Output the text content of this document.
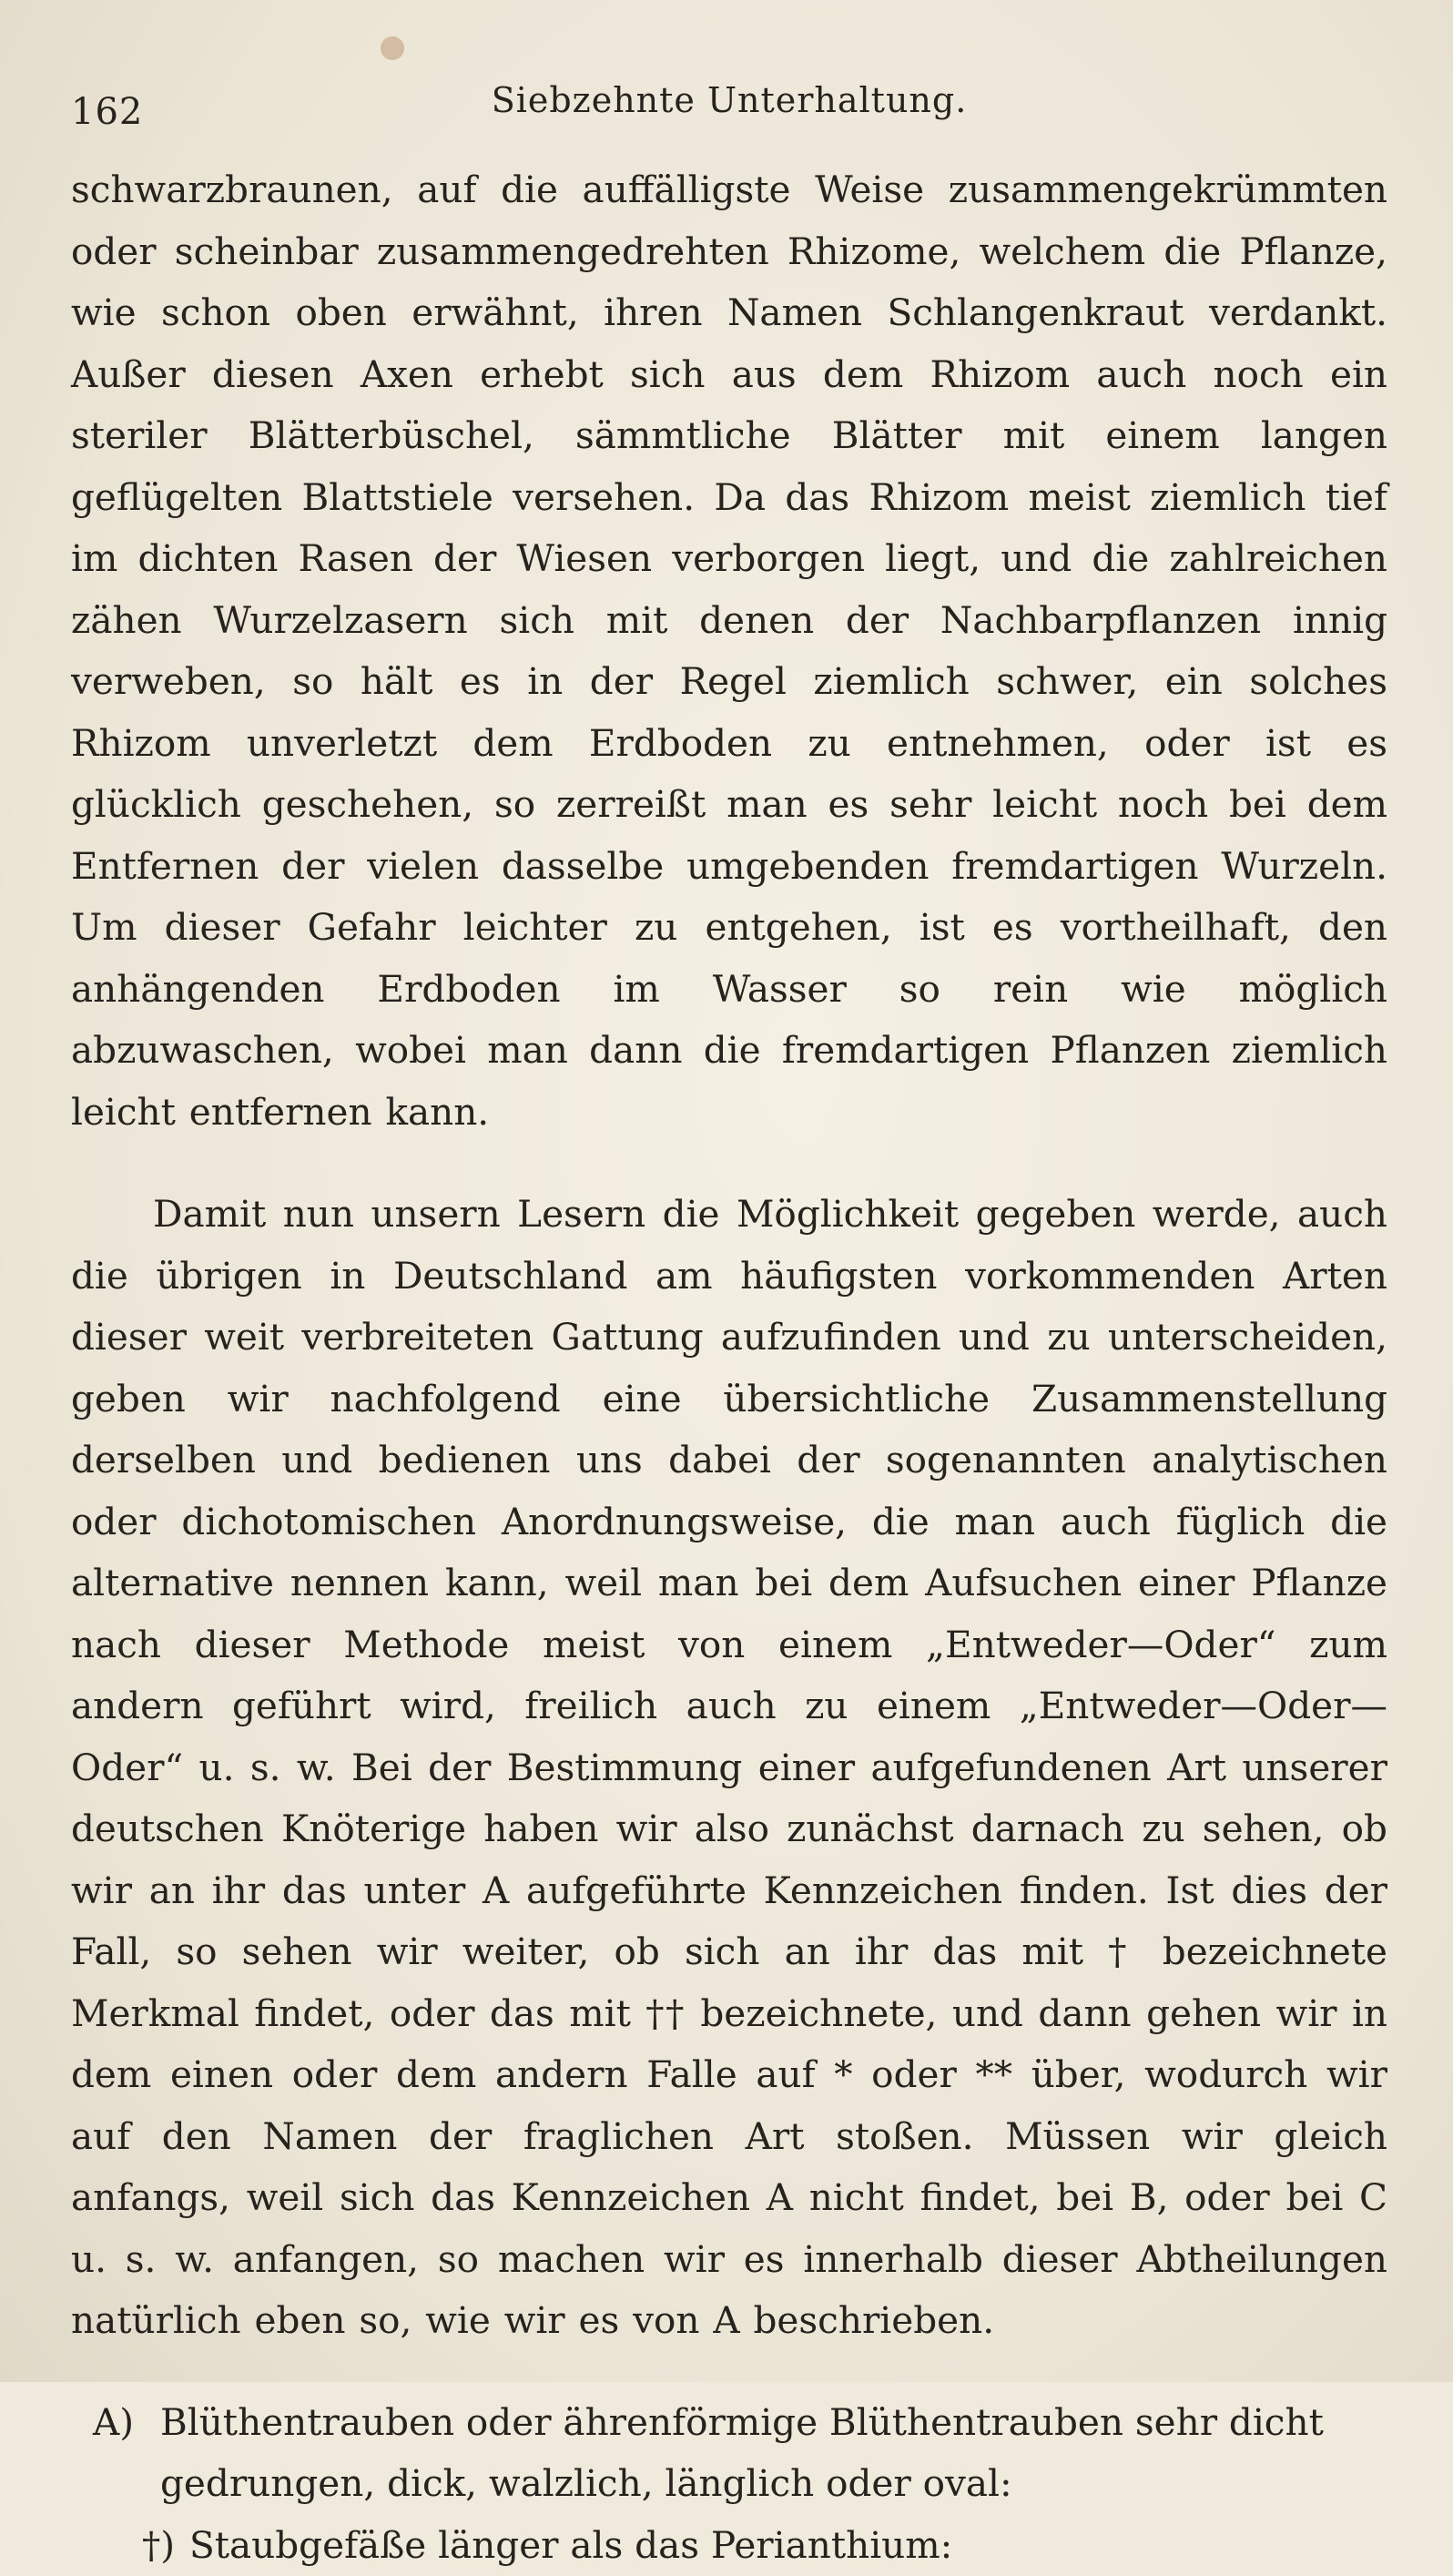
162	Siebzehnte Unterhaltung.

schwarzbraunen, auf die auffälligste Weise zusammengekrümmten oder scheinbar zusammengedrehten Rhizome, welchem die Pflanze, wie schon oben erwähnt, ihren Namen Schlangenkraut verdankt. Außer diesen Axen erhebt sich aus dem Rhizom auch noch ein steriler Blätterbüschel, sämmtliche Blätter mit einem langen geflügelten Blattstiele versehen. Da das Rhizom meist ziemlich tief im dichten Rasen der Wiesen verborgen liegt, und die zahlreichen zähen Wurzelzasern sich mit denen der Nachbarpflanzen innig verweben, so hält es in der Regel ziemlich schwer, ein solches Rhizom unverletzt dem Erdboden zu entnehmen, oder ist es glücklich geschehen, so zerreißt man es sehr leicht noch bei dem Entfernen der vielen dasselbe umgebenden fremdartigen Wurzeln. Um dieser Gefahr leichter zu entgehen, ist es vortheilhaft, den anhängenden Erdboden im Wasser so rein wie möglich abzuwaschen, wobei man dann die fremdartigen Pflanzen ziemlich leicht entfernen kann.

Damit nun unsern Lesern die Möglichkeit gegeben werde, auch die übrigen in Deutschland am häufigsten vorkommenden Arten dieser weit verbreiteten Gattung aufzufinden und zu unterscheiden, geben wir nachfolgend eine übersichtliche Zusammenstellung derselben und bedienen uns dabei der sogenannten analytischen oder dichotomischen Anordnungsweise, die man auch füglich die alternative nennen kann, weil man bei dem Aufsuchen einer Pflanze nach dieser Methode meist von einem „Entweder—Oder“ zum andern geführt wird, freilich auch zu einem „Entweder—Oder—Oder“ u. s. w. Bei der Bestimmung einer aufgefundenen Art unserer deutschen Knöterige haben wir also zunächst darnach zu sehen, ob wir an ihr das unter A aufgeführte Kennzeichen finden. Ist dies der Fall, so sehen wir weiter, ob sich an ihr das mit † bezeichnete Merkmal findet, oder das mit †† bezeichnete, und dann gehen wir in dem einen oder dem andern Falle auf * oder ** über, wodurch wir auf den Namen der fraglichen Art stoßen. Müssen wir gleich anfangs, weil sich das Kennzeichen A nicht findet, bei B, oder bei C u. s. w. anfangen, so machen wir es innerhalb dieser Abtheilungen natürlich eben so, wie wir es von A beschrieben.

A) Blüthentrauben oder ährenförmige Blüthentrauben sehr dicht gedrungen, dick, walzlich, länglich oder oval:
†) Staubgefäße länger als das Perianthium:
